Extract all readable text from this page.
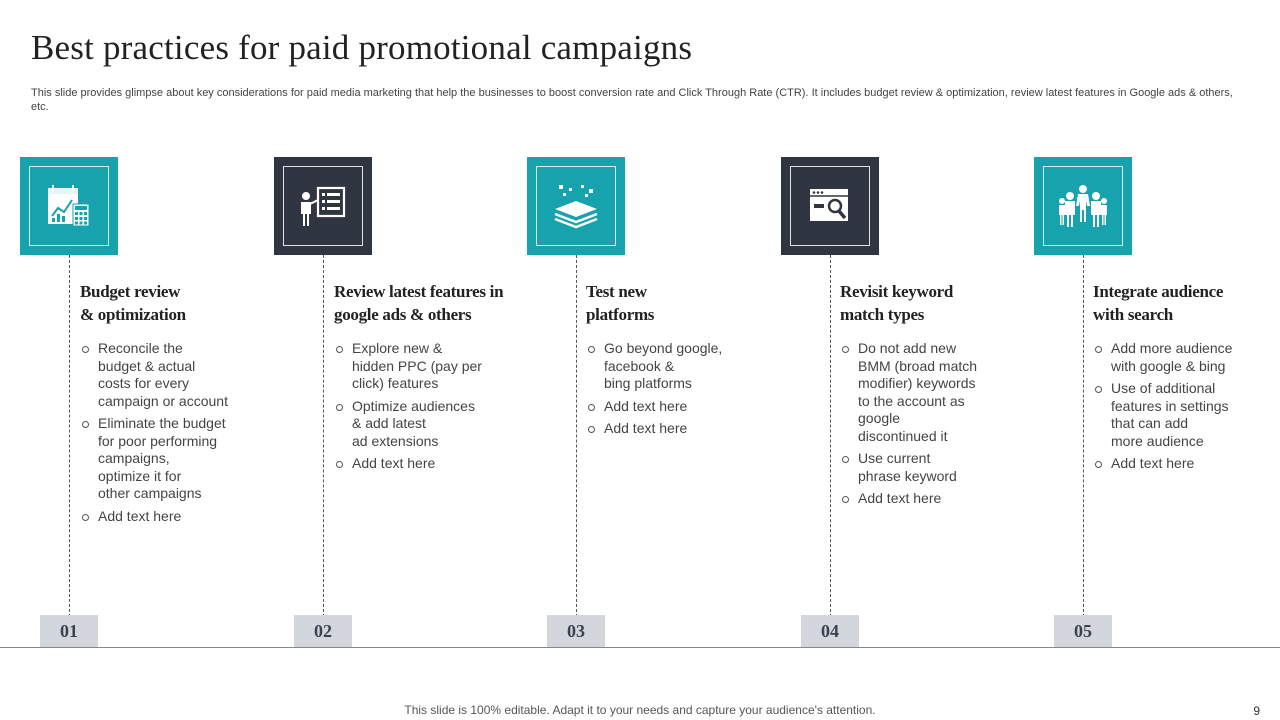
Best practices for paid promotional campaigns
This slide provides glimpse about key considerations for paid media marketing that help the businesses to boost conversion rate and Click Through Rate (CTR). It includes budget review & optimization, review latest features in Google ads & others, etc.
Budget review
& optimization
Reconcile the
budget & actual
costs for every
campaign or account
Eliminate the budget
for poor performing
campaigns,
optimize it for
other campaigns
Add text here
01
Review latest features in
google ads & others
Explore new &
hidden PPC (pay per
click) features
Optimize audiences
& add latest
ad extensions
Add text here
02
Test new
platforms
Go beyond google,
facebook &
bing platforms
Add text here
Add text here
03
Revisit keyword
match types
Do not add new
BMM (broad match
modifier) keywords
to the account as
google
discontinued it
Use current
phrase keyword
Add text here
04
Integrate audience
with search
Add more audience
with google & bing
Use of additional
features in settings
that can add
more audience
Add text here
05
This slide is 100% editable. Adapt it to your needs and capture your audience's attention.	9
